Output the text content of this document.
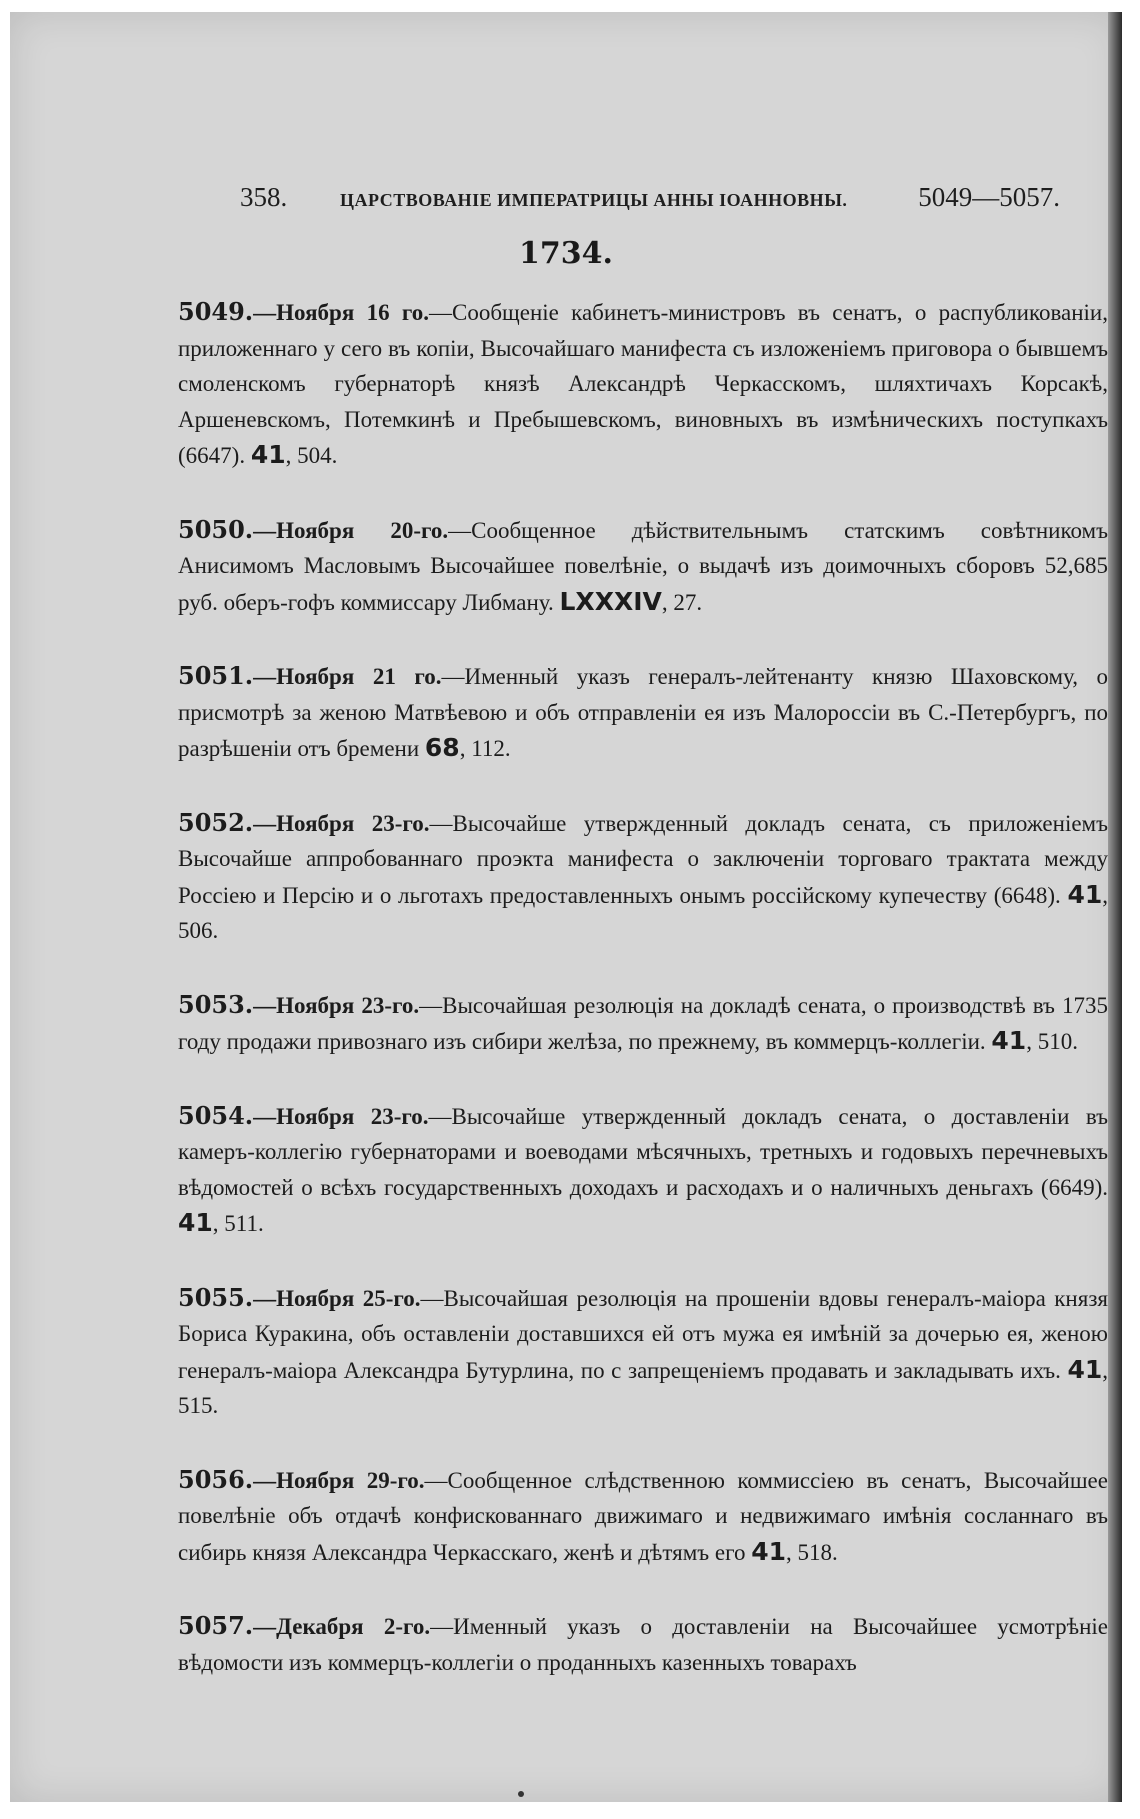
358.	ЦАРСТВОВАНІЕ ИМПЕРАТРИЦЫ АННЫ ІОАННОВНЫ.	5049—5057.
1734.

5049.—Ноября 16 го.—Сообщеніе кабинетъ-министровъ въ сенатъ, о распубликованіи, приложеннаго у сего въ копіи, Высочайшаго манифеста съ изложеніемъ приговора о бывшемъ смоленскомъ губернаторѣ князѣ Александрѣ Черкасскомъ, шляхтичахъ Корсакѣ, Аршеневскомъ, Потемкинѣ и Пребышевскомъ, виновныхъ въ измѣническихъ поступкахъ (6647). 41, 504.

5050.—Ноября 20-го.—Сообщенное дѣйствительнымъ статскимъ совѣтникомъ Анисимомъ Масловымъ Высочайшее повелѣніе, о выдачѣ изъ доимочныхъ сборовъ 52,685 руб. оберъ-гофъ коммиссару Либману. LXXXIV, 27.

5051.—Ноября 21 го.—Именный указъ генералъ-лейтенанту князю Шаховскому, о присмотрѣ за женою Матвѣевою и объ отправленіи ея изъ Малороссіи въ С.-Петербургъ, по разрѣшеніи отъ бремени 68, 112.

5052.—Ноября 23-го.—Высочайше утвержденный докладъ сената, съ приложеніемъ Высочайше аппробованнаго проэкта манифеста о заключеніи торговаго трактата между Россіею и Персію и о льготахъ предоставленныхъ онымъ россійскому купечеству (6648). 41, 506.

5053.—Ноября 23-го.—Высочайшая резолюція на докладѣ сената, о производствѣ въ 1735 году продажи привознаго изъ сибири желѣза, по прежнему, въ коммерцъ-коллегіи. 41, 510.

5054.—Ноября 23-го.—Высочайше утвержденный докладъ сената, о доставленіи въ камеръ-коллегію губернаторами и воеводами мѣсячныхъ, третныхъ и годовыхъ перечневыхъ вѣдомостей о всѣхъ государственныхъ доходахъ и расходахъ и о наличныхъ деньгахъ (6649). 41, 511.

5055.—Ноября 25-го.—Высочайшая резолюція на прошеніи вдовы генералъ-маіора князя Бориса Куракина, объ оставленіи доставшихся ей отъ мужа ея имѣній за дочерью ея, женою генералъ-маіора Александра Бутурлина, по с запрещеніемъ продавать и закладывать ихъ. 41, 515.

5056.—Ноября 29-го.—Сообщенное слѣдственною коммиссіею въ сенатъ, Высочайшее повелѣніе объ отдачѣ конфискованнаго движимаго и недвижимаго имѣнія сосланнаго въ сибирь князя Александра Черкасскаго, женѣ и дѣтямъ его 41, 518.

5057.—Декабря 2-го.—Именный указъ о доставленіи на Высочайшее усмотрѣніе вѣдомости изъ коммерцъ-коллегіи о проданныхъ казенныхъ товарахъ
